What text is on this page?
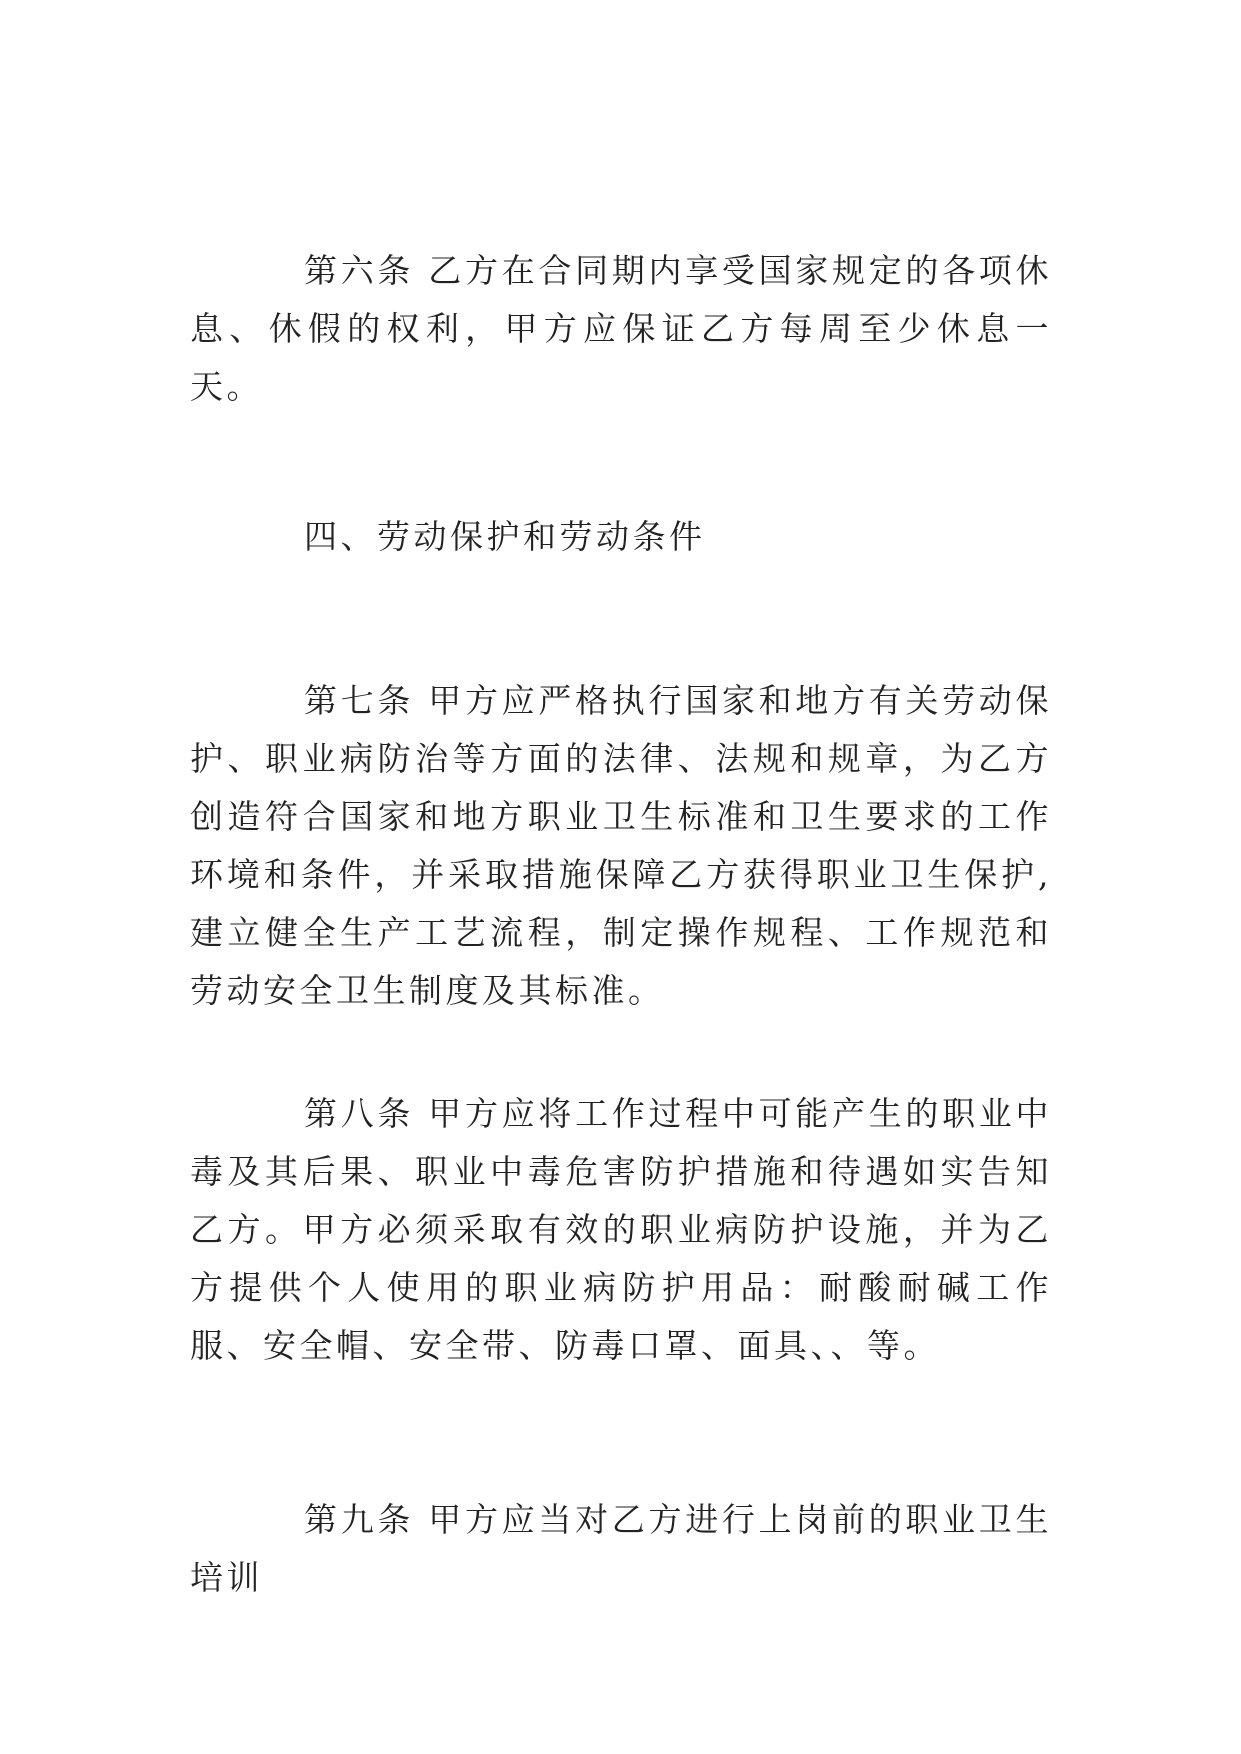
第六条 乙方在合同期内享受国家规定的各项休息、休假的权利，甲方应保证乙方每周至少休息一天。

四、劳动保护和劳动条件

第七条 甲方应严格执行国家和地方有关劳动保护、职业病防治等方面的法律、法规和规章，为乙方创造符合国家和地方职业卫生标准和卫生要求的工作环境和条件，并采取措施保障乙方获得职业卫生保护,建立健全生产工艺流程，制定操作规程、工作规范和劳动安全卫生制度及其标准。

第八条 甲方应将工作过程中可能产生的职业中毒及其后果、职业中毒危害防护措施和待遇如实告知乙方。甲方必须采取有效的职业病防护设施，并为乙方提供个人使用的职业病防护用品：耐酸耐碱工作服、安全帽、安全带、防毒口罩、面具、、等。

第九条 甲方应当对乙方进行上岗前的职业卫生培训
